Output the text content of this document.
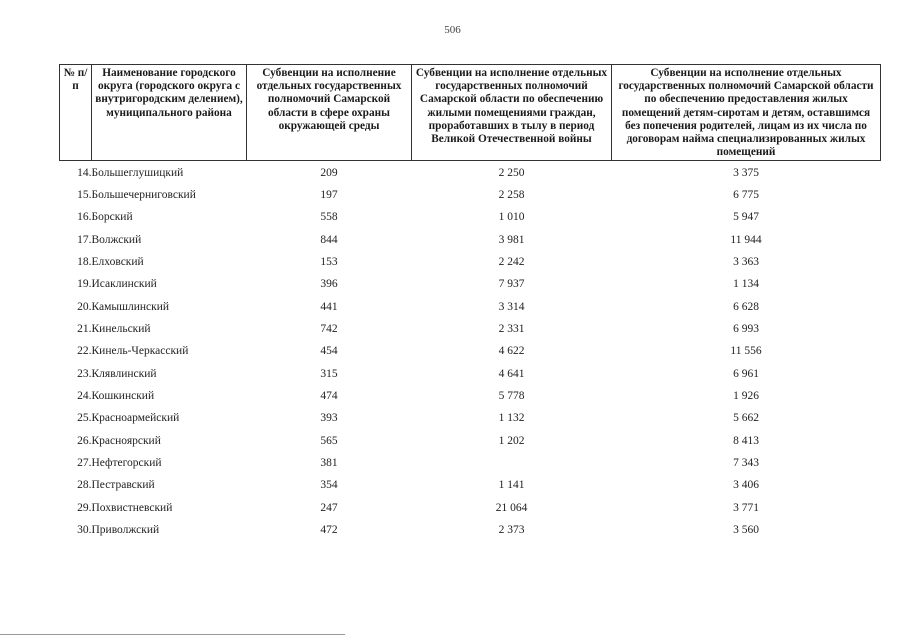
506
№ п/п	Наименование городского округа (городского округа с внутригородским делением), муниципального района	Субвенции на исполнение отдельных государственных полномочий Самарской области в сфере охраны окружающей среды	Субвенции на исполнение отдельных государственных полномочий Самарской области по обеспечению жилыми помещениями граждан, проработавших в тылу в период Великой Отечественной войны	Субвенции на исполнение отдельных государственных полномочий Самарской области по обеспечению предоставления жилых помещений детям-сиротам и детям, оставшимся без попечения родителей, лицам из их числа по договорам найма специализированных жилых помещений
14.	Большеглушицкий	209	2 250	3 375
15.	Большечерниговский	197	2 258	6 775
16.	Борский	558	1 010	5 947
17.	Волжский	844	3 981	11 944
18.	Елховский	153	2 242	3 363
19.	Исаклинский	396	7 937	1 134
20.	Камышлинский	441	3 314	6 628
21.	Кинельский	742	2 331	6 993
22.	Кинель-Черкасский	454	4 622	11 556
23.	Клявлинский	315	4 641	6 961
24.	Кошкинский	474	5 778	1 926
25.	Красноармейский	393	1 132	5 662
26.	Красноярский	565	1 202	8 413
27.	Нефтегорский	381		7 343
28.	Пестравский	354	1 141	3 406
29.	Похвистневский	247	21 064	3 771
30.	Приволжский	472	2 373	3 560
